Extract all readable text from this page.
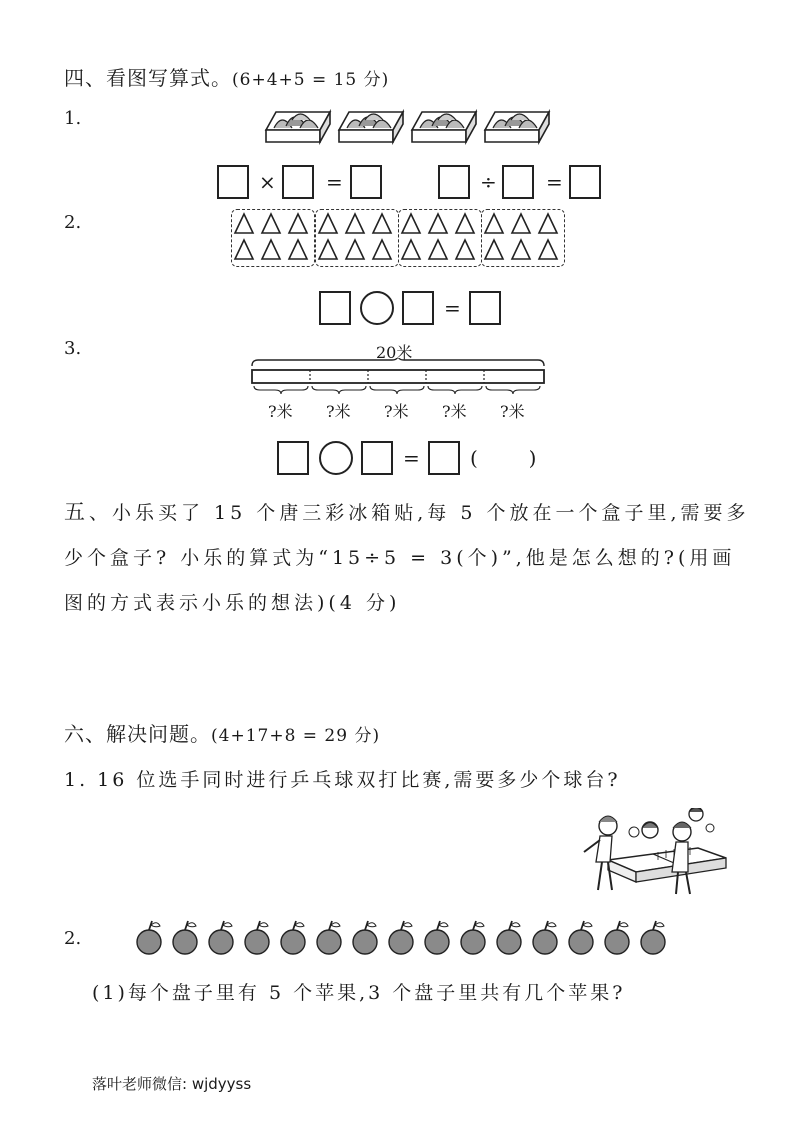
四、看图写算式。(6+4+5 = 15 分)
1.
×	=	÷ =
2.
=
3.	20米
?米 ?米 ?米 ?米 ?米
=	(        )
五、小乐买了 15 个唐三彩冰箱贴,每 5 个放在一个盒子里,需要多
少个盒子? 小乐的算式为“15÷5 = 3(个)”,他是怎么想的?(用画
图的方式表示小乐的想法)(4 分)
六、解决问题。(4+17+8 = 29 分)
1. 16 位选手同时进行乒乓球双打比赛,需要多少个球台?
2.
(1)每个盘子里有 5 个苹果,3 个盘子里共有几个苹果?
落叶老师微信: wjdyyss
